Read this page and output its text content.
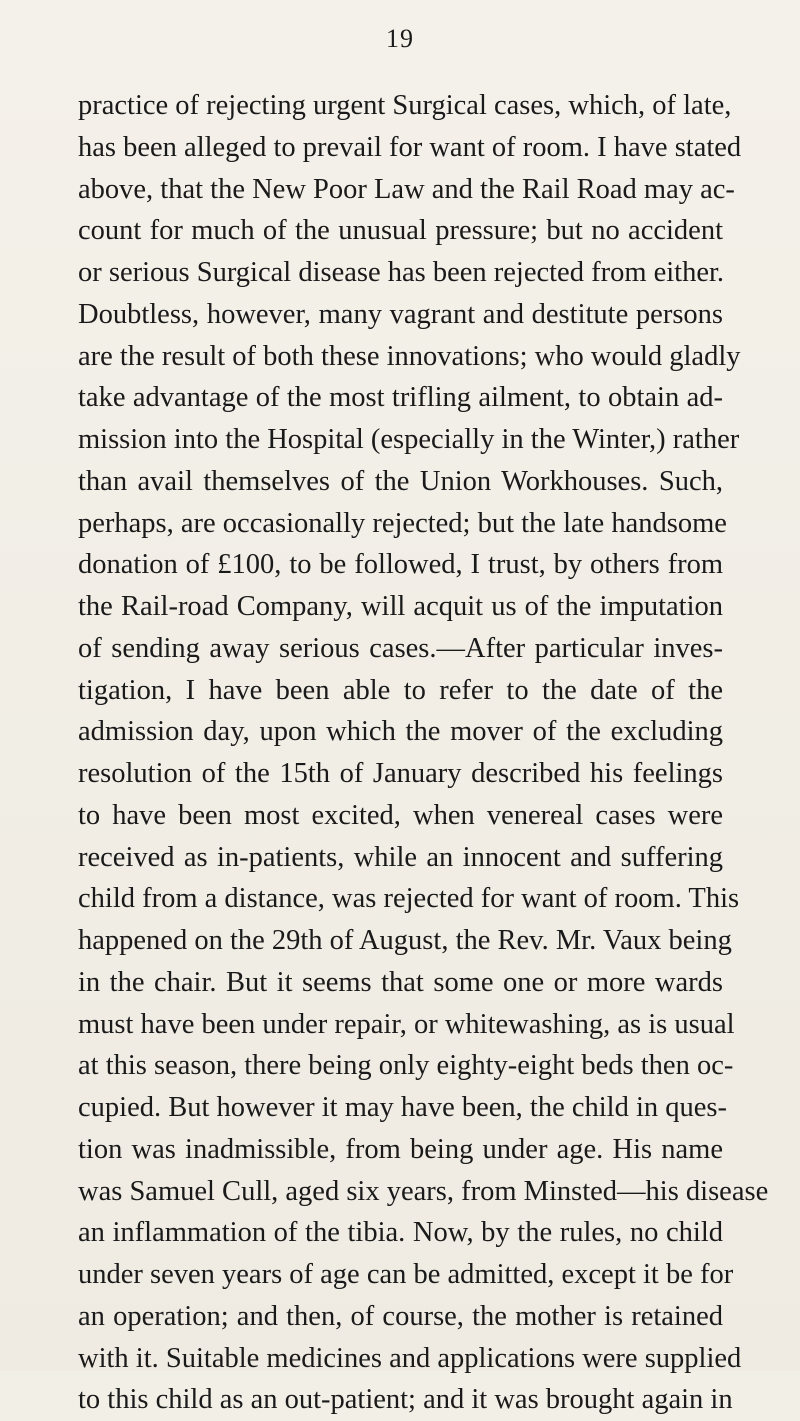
19
practice of rejecting urgent Surgical cases, which, of late,
has been alleged to prevail for want of room. I have stated
above, that the New Poor Law and the Rail Road may ac-
count for much of the unusual pressure; but no accident
or serious Surgical disease has been rejected from either.
Doubtless, however, many vagrant and destitute persons
are the result of both these innovations; who would gladly
take advantage of the most trifling ailment, to obtain ad-
mission into the Hospital (especially in the Winter,) rather
than avail themselves of the Union Workhouses. Such,
perhaps, are occasionally rejected; but the late handsome
donation of £100, to be followed, I trust, by others from
the Rail-road Company, will acquit us of the imputation
of sending away serious cases.—After particular inves-
tigation, I have been able to refer to the date of the
admission day, upon which the mover of the excluding
resolution of the 15th of January described his feelings
to have been most excited, when venereal cases were
received as in-patients, while an innocent and suffering
child from a distance, was rejected for want of room. This
happened on the 29th of August, the Rev. Mr. Vaux being
in the chair. But it seems that some one or more wards
must have been under repair, or whitewashing, as is usual
at this season, there being only eighty-eight beds then oc-
cupied. But however it may have been, the child in ques-
tion was inadmissible, from being under age. His name
was Samuel Cull, aged six years, from Minsted—his disease
an inflammation of the tibia. Now, by the rules, no child
under seven years of age can be admitted, except it be for
an operation; and then, of course, the mother is retained
with it. Suitable medicines and applications were supplied
to this child as an out-patient; and it was brought again in
